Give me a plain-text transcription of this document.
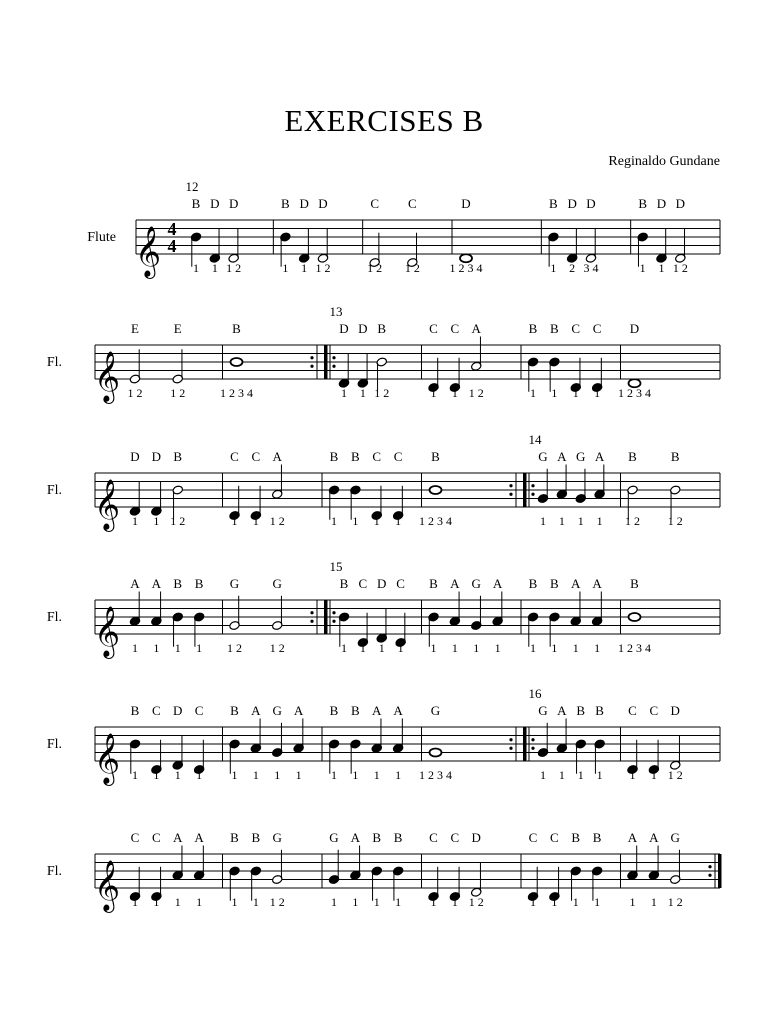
EXERCISES B
Reginaldo Gundane
Flute 𝄞 4
4
12
B
1
D
1
D
1 2
B
1
D
1
D
1 2
C
1 2
C
1 2
D
1 2 3 4
B
1
D
2
D
3 4
B
1
D
1
D
1 2
Fl. 𝄞
E
1 2
E
1 2
B
1 2 3 4
13
D
1
D
1
B
1 2
C
1
C
1
A
1 2
B
1
B
1
C
1
C
1
D
1 2 3 4
Fl. 𝄞
D
1
D
1
B
1 2
C
1
C
1
A
1 2
B
1
B
1
C
1
C
1
B
1 2 3 4
14
G
1
A
1
G
1
A
1
B
1 2
B
1 2
Fl. 𝄞
A
1
A
1
B
1
B
1
G
1 2
G
1 2
15
B
1
C
1
D
1
C
1
B
1
A
1
G
1
A
1
B
1
B
1
A
1
A
1
B
1 2 3 4
Fl. 𝄞
B
1
C
1
D
1
C
1
B
1
A
1
G
1
A
1
B
1
B
1
A
1
A
1
G
1 2 3 4
16
G
1
A
1
B
1
B
1
C
1
C
1
D
1 2
Fl. 𝄞
C
1
C
1
A
1
A
1
B
1
B
1
G
1 2
G
1
A
1
B
1
B
1
C
1
C
1
D
1 2
C
1
C
1
B
1
B
1
A
1
A
1
G
1 2
